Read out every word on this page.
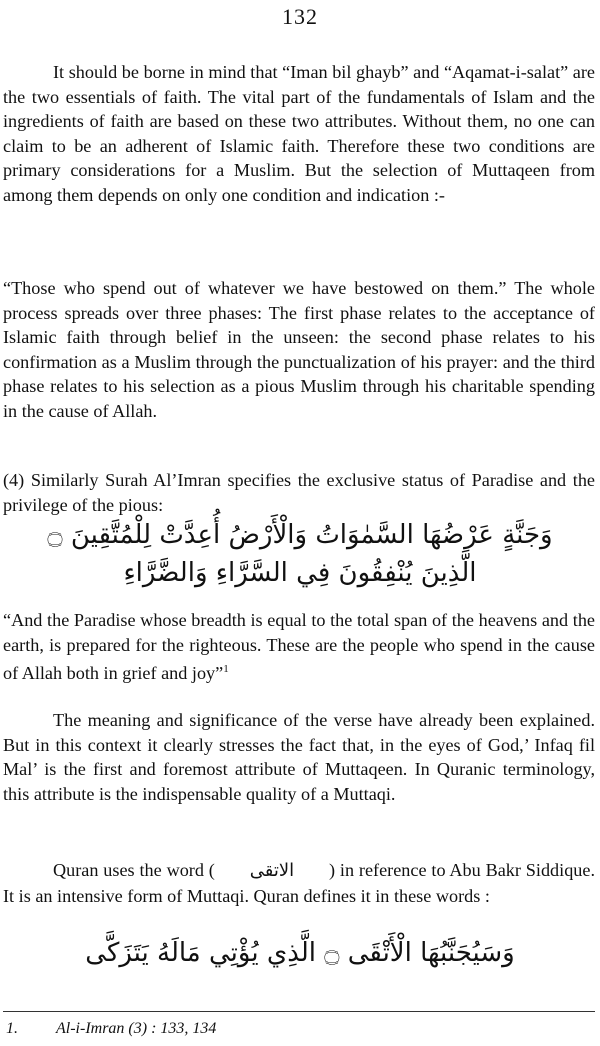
132

It should be borne in mind that “Iman bil ghayb” and “Aqamat-i-salat” are the two essentials of faith. The vital part of the fundamentals of Islam and the ingredients of faith are based on these two attributes. Without them, no one can claim to be an adherent of Islamic faith. Therefore these two conditions are primary considerations for a Muslim. But the selection of Muttaqeen from among them depends on only one condition and indication :-

“Those who spend out of whatever we have bestowed on them.” The whole process spreads over three phases: The first phase relates to the acceptance of Islamic faith through belief in the unseen: the second phase relates to his confirmation as a Muslim through the punctualization of his prayer: and the third phase relates to his selection as a pious Muslim through his charitable spending in the cause of Allah.

(4) Similarly Surah Al’Imran specifies the exclusive status of Paradise and the privilege of the pious:

وَجَنَّةٍ عَرْضُهَا السَّمٰوَاتُ وَالْأَرْضُ أُعِدَّتْ لِلْمُتَّقِينَ ۝
الَّذِينَ يُنْفِقُونَ فِي السَّرَّاءِ وَالضَّرَّاءِ

“And the Paradise whose breadth is equal to the total span of the heavens and the earth, is prepared for the righteous. These are the people who spend in the cause of Allah both in grief and joy”$^1$

The meaning and significance of the verse have already been explained. But in this context it clearly stresses the fact that, in the eyes of God,’ Infaq fil Mal’ is the first and foremost attribute of Muttaqeen. In Quranic terminology, this attribute is the indispensable quality of a Muttaqi.

Quran uses the word ( الاتقى ) in reference to Abu Bakr Siddique. It is an intensive form of Muttaqi. Quran defines it in these words :

وَسَيُجَنَّبُهَا الْأَتْقَى ۝ الَّذِي يُؤْتِي مَالَهُ يَتَزَكَّى
1. Al-i-Imran (3) : 133, 134
